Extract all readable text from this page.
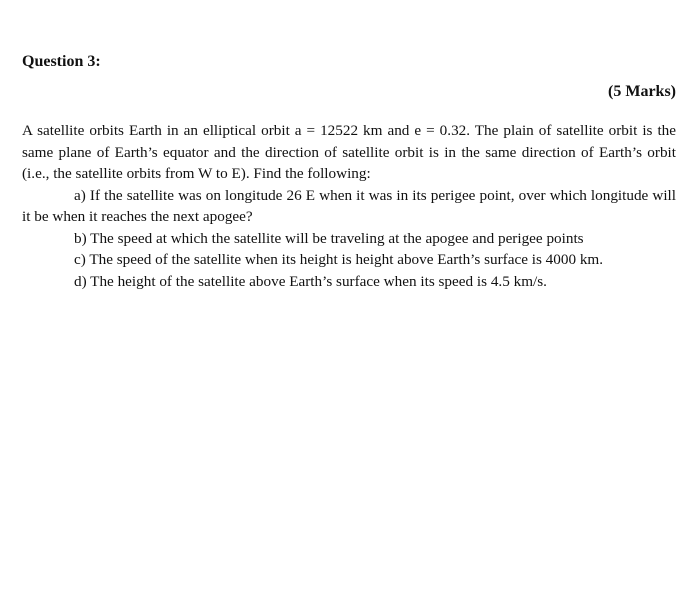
Question 3:
(5 Marks)
A satellite orbits Earth in an elliptical orbit a = 12522 km and e = 0.32. The plain of satellite orbit is the same plane of Earth’s equator and the direction of satellite orbit is in the same direction of Earth’s orbit (i.e., the satellite orbits from W to E). Find the following:
a) If the satellite was on longitude 26 E when it was in its perigee point, over which longitude will it be when it reaches the next apogee?
b) The speed at which the satellite will be traveling at the apogee and perigee points
c) The speed of the satellite when its height is height above Earth’s surface is 4000 km.
d) The height of the satellite above Earth’s surface when its speed is 4.5 km/s.
